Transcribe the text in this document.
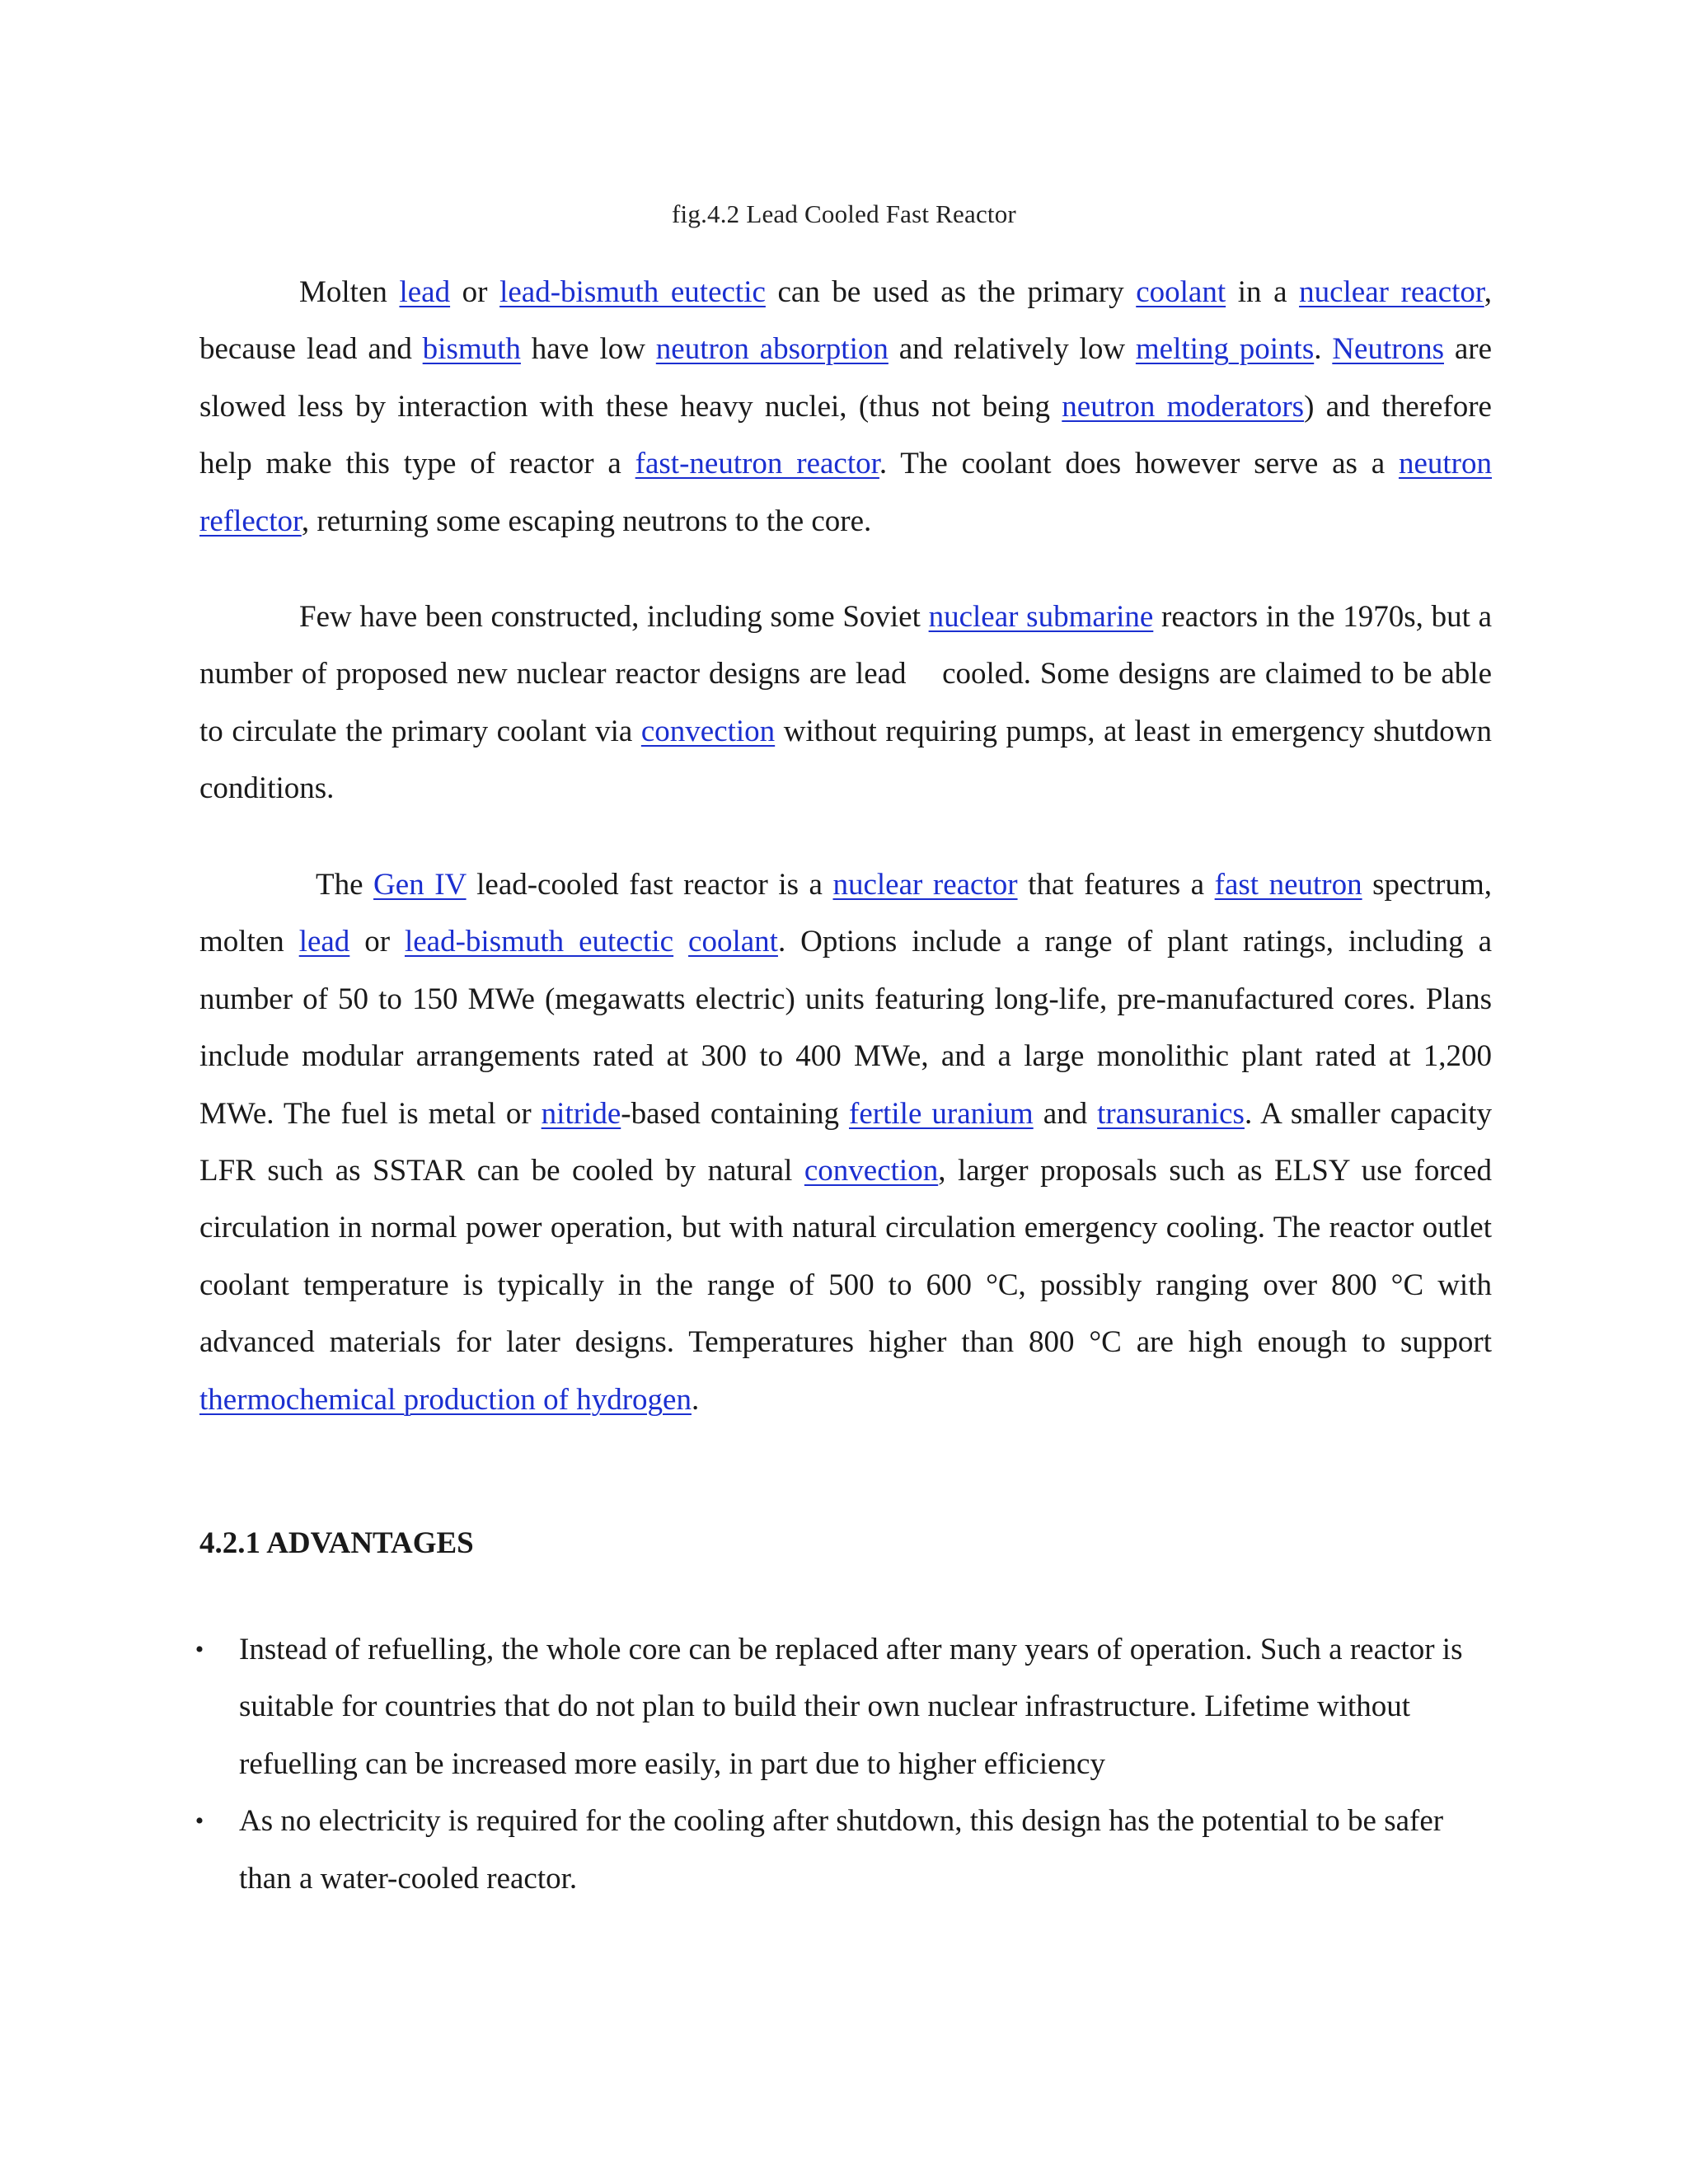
fig.4.2 Lead Cooled Fast Reactor

Molten lead or lead-bismuth eutectic can be used as the primary coolant in a nuclear reactor, because lead and bismuth have low neutron absorption and relatively low melting points. Neutrons are slowed less by interaction with these heavy nuclei, (thus not being neutron moderators) and therefore help make this type of reactor a fast-neutron reactor. The coolant does however serve as a neutron reflector, returning some escaping neutrons to the core.

Few have been constructed, including some Soviet nuclear submarine reactors in the 1970s, but a number of proposed new nuclear reactor designs are lead    cooled. Some designs are claimed to be able to circulate the primary coolant via convection without requiring pumps, at least in emergency shutdown conditions.

The Gen IV lead-cooled fast reactor is a nuclear reactor that features a fast neutron spectrum, molten lead or lead-bismuth eutectic coolant. Options include a range of plant ratings, including a number of 50 to 150 MWe (megawatts electric) units featuring long-life, pre-manufactured cores. Plans include modular arrangements rated at 300 to 400 MWe, and a large monolithic plant rated at 1,200 MWe. The fuel is metal or nitride-based containing fertile uranium and transuranics. A smaller capacity LFR such as SSTAR can be cooled by natural convection, larger proposals such as ELSY use forced circulation in normal power operation, but with natural circulation emergency cooling. The reactor outlet coolant temperature is typically in the range of 500 to 600 °C, possibly ranging over 800 °C with advanced materials for later designs. Temperatures higher than 800 °C are high enough to support thermochemical production of hydrogen.

4.2.1 ADVANTAGES
• Instead of refuelling, the whole core can be replaced after many years of operation. Such a reactor is suitable for countries that do not plan to build their own nuclear infrastructure. Lifetime without refuelling can be increased more easily, in part due to higher efficiency
• As no electricity is required for the cooling after shutdown, this design has the potential to be safer than a water-cooled reactor.
